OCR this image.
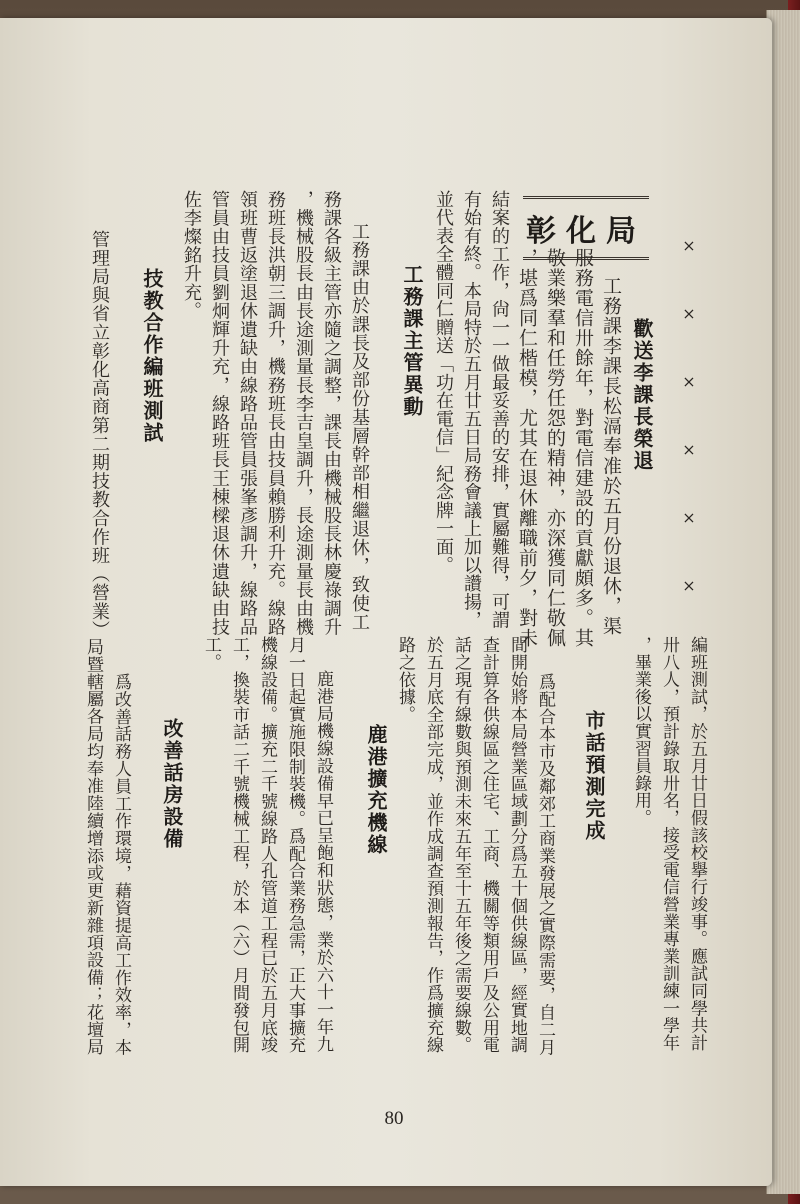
彰化局 ×
×
×
×
×
×
歡送李課長榮退
工務課李課長松滆奉准於五月份退休，渠
服務電信卅餘年，對電信建設的貢獻頗多。其
敬業樂羣和任勞任怨的精神，亦深獲同仁敬佩
，堪爲同仁楷模，尤其在退休離職前夕，對未
結案的工作，尙一一做最妥善的安排，實屬難得，可謂
有始有終。本局特於五月廿五日局務會議上加以讚揚，
並代表全體同仁贈送「功在電信」紀念牌一面。
工務課主管異動
工務課由於課長及部份基層幹部相繼退休，致使工
務課各級主管亦隨之調整，課長由機械股長林慶祿調升
，機械股長由長途測量長李吉皇調升，長途測量長由機
務班長洪朝三調升，機務班長由技員賴勝利升充。線路
領班曹返塗退休遺缺由線路品管員張峯彥調升，線路品
管員由技員劉炯輝升充，線路班長王棟樑退休遺缺由技
佐李燦銘升充。
技教合作編班測試
管理局與省立彰化高商第二期技教合作班（營業）
編班測試，於五月廿日假該校擧行竣事。應試同學共計
卅八人，預計錄取卅名，接受電信營業專業訓練一學年
，畢業後以實習員錄用。
市話預測完成
爲配合本市及鄰郊工商業發展之實際需要，自二月
間開始將本局營業區域劃分爲五十個供線區，經實地調
查計算各供線區之住宅、工商、機關等類用戶及公用電
話之現有線數與預測未來五年至十五年後之需要線數。
於五月底全部完成，並作成調查預測報告，作爲擴充線
路之依據。
鹿港擴充機線
鹿港局機線設備早已呈飽和狀態，業於六十一年九
月一日起實施限制裝機。爲配合業務急需，正大事擴充
機線設備。擴充二千號線路人孔管道工程已於五月底竣
工，換裝市話二千號機械工程，於本（六）月間發包開
工。
改善話房設備
爲改善話務人員工作環境，藉資提高工作效率，本
局暨轄屬各局均奉准陸續增添或更新雜項設備；花壇局
80
